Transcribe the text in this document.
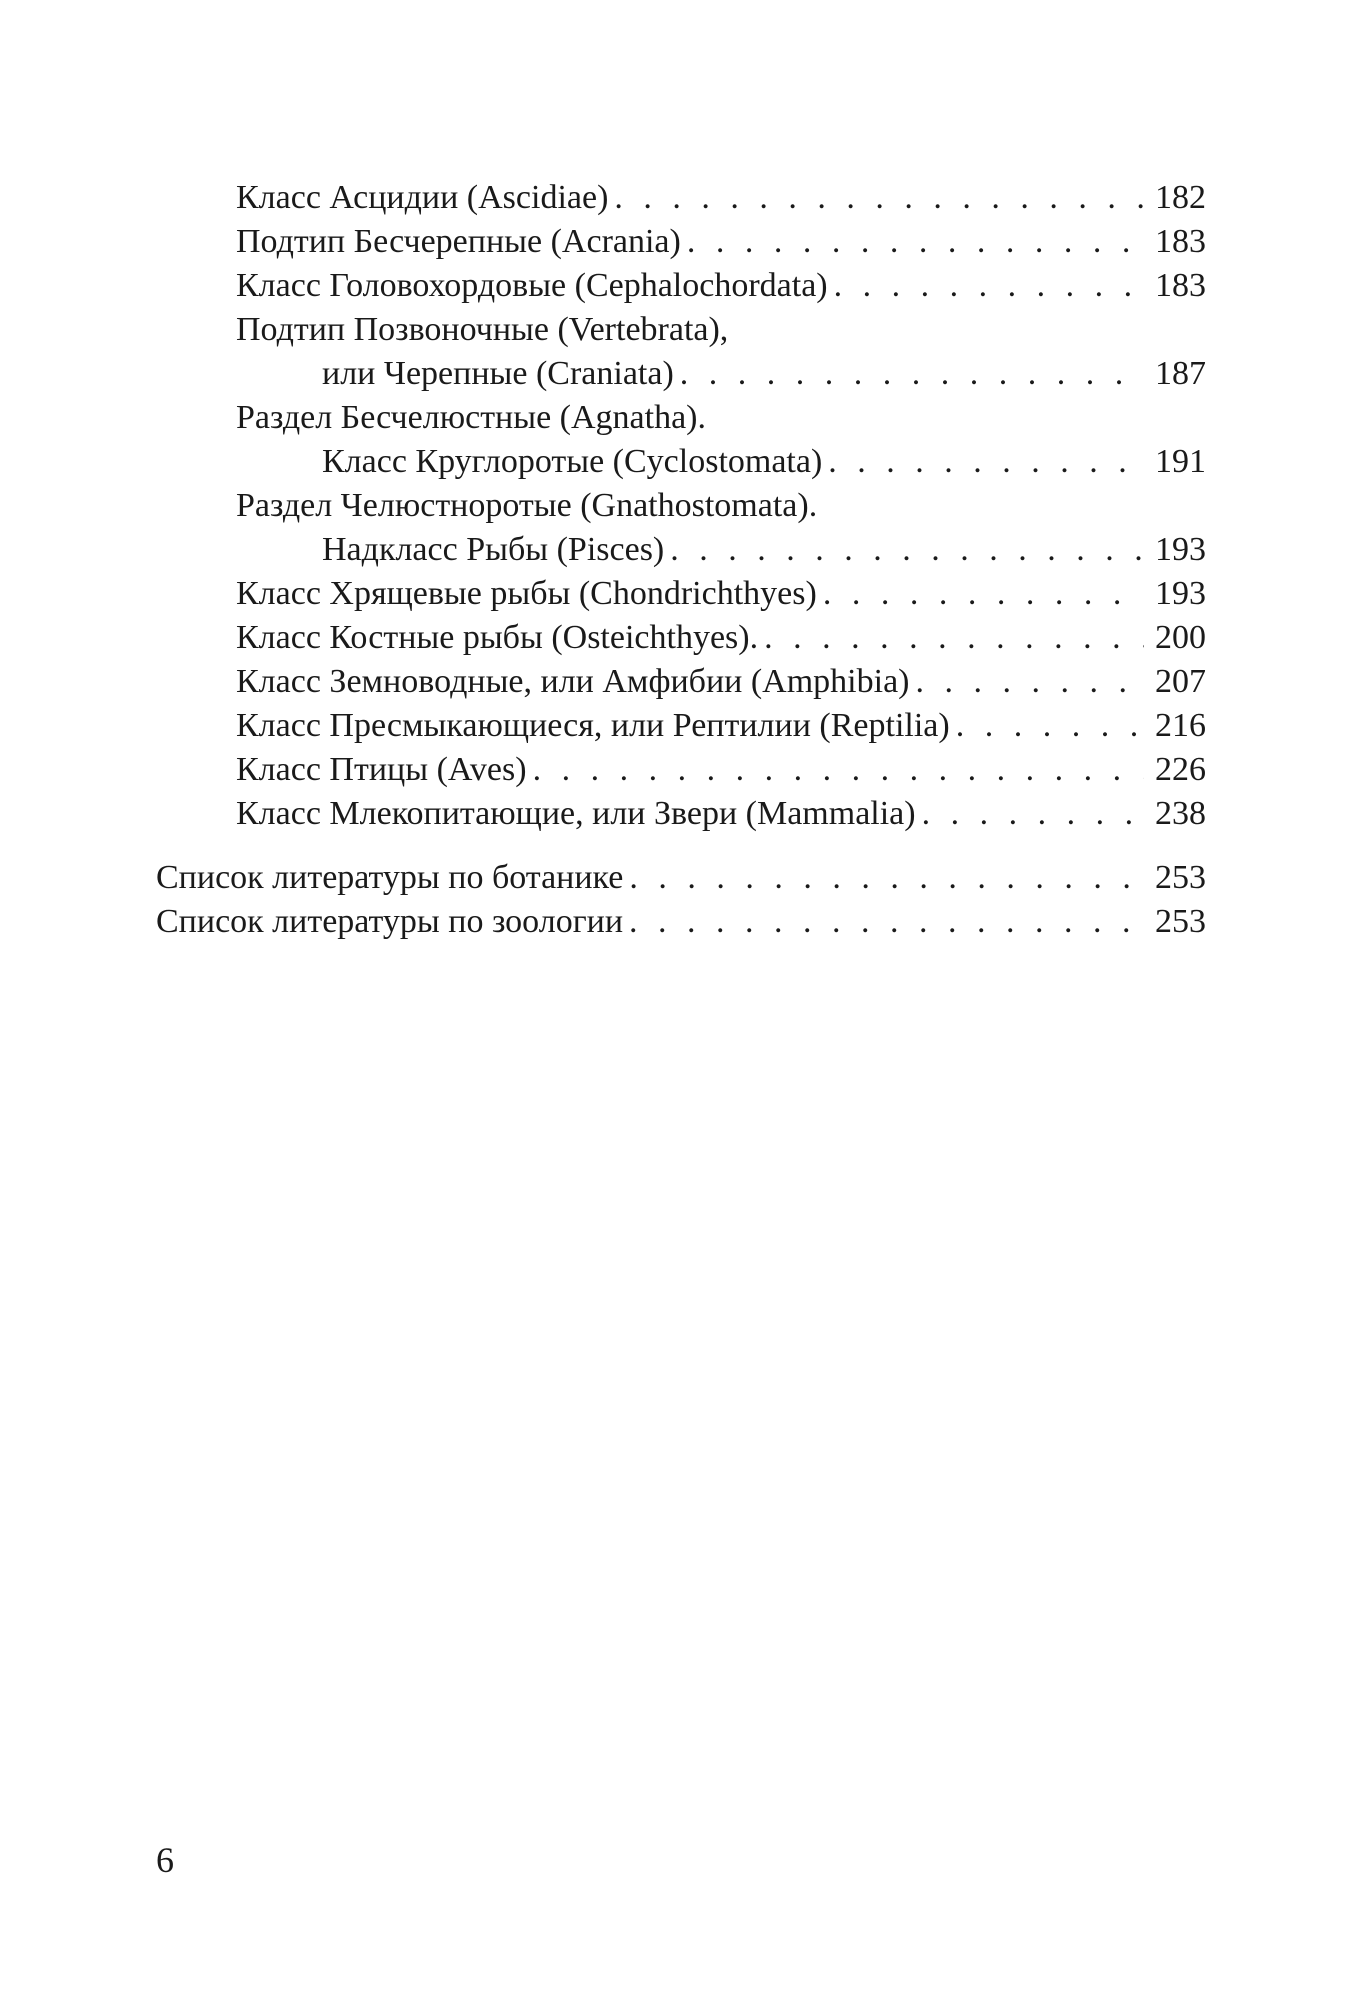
Класс Асцидии (Ascidiae) . . .	182
Подтип Бесчерепные (Acrania) . . .	183
Класс Головохордовые (Cephalochordata) . . .	183
Подтип Позвоночные (Vertebrata),
или Черепные (Craniata) . . .	187
Раздел Бесчелюстные (Agnatha).
Класс Круглоротые (Cyclostomata) . . .	191
Раздел Челюстноротые (Gnathostomata).
Надкласс Рыбы (Pisces) . . .	193
Класс Хрящевые рыбы (Chondrichthyes) . . .	193
Класс Костные рыбы (Osteichthyes). . . .	200
Класс Земноводные, или Амфибии (Amphibia) . . .	207
Класс Пресмыкающиеся, или Рептилии (Reptilia) . . .	216
Класс Птицы (Aves) . . .	226
Класс Млекопитающие, или Звери (Mammalia) . . .	238
Список литературы по ботанике . . .	253
Список литературы по зоологии . . .	253
6
